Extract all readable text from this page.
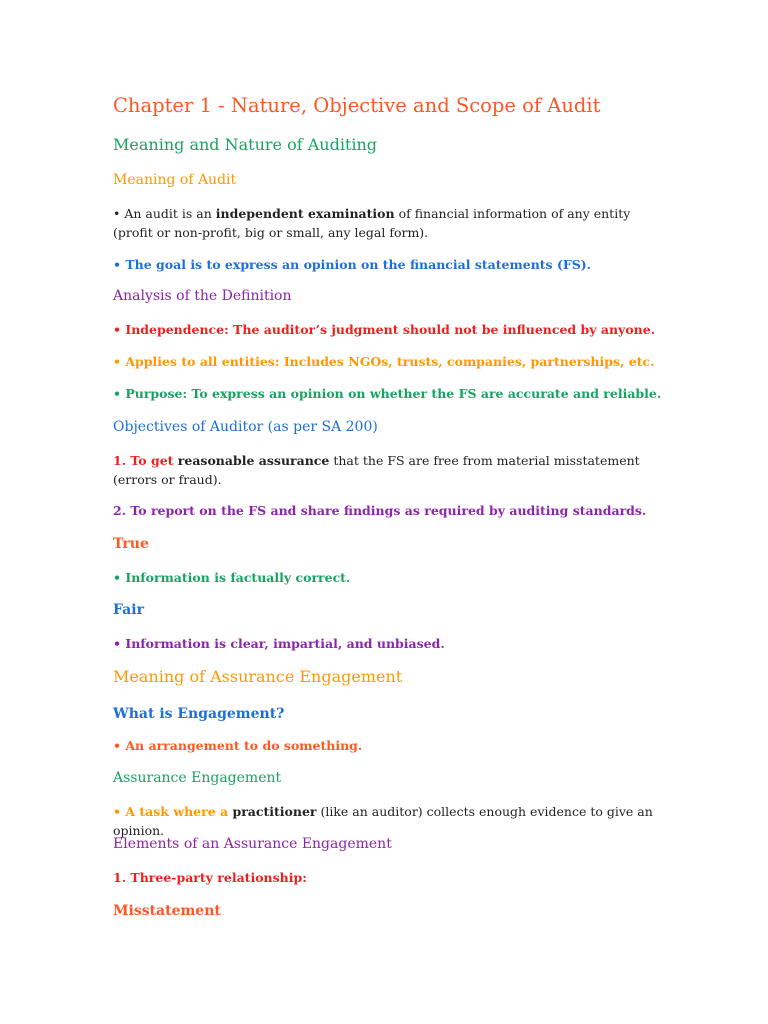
Chapter 1 - Nature, Objective and Scope of Audit
Meaning and Nature of Auditing
Meaning of Audit

• An audit is an independent examination of financial information of any entity (profit or non-profit, big or small, any legal form).

• The goal is to express an opinion on the financial statements (FS).

Analysis of the Definition

• Independence: The auditor’s judgment should not be influenced by anyone.

• Applies to all entities: Includes NGOs, trusts, companies, partnerships, etc.

• Purpose: To express an opinion on whether the FS are accurate and reliable.

Objectives of Auditor (as per SA 200)

1. To get reasonable assurance that the FS are free from material misstatement (errors or fraud).

2. To report on the FS and share findings as required by auditing standards.

True

• Information is factually correct.

Fair

• Information is clear, impartial, and unbiased.

Meaning of Assurance Engagement
What is Engagement?

• An arrangement to do something.

Assurance Engagement

• A task where a practitioner (like an auditor) collects enough evidence to give an opinion.

Elements of an Assurance Engagement

1. Three-party relationship:

Misstatement
